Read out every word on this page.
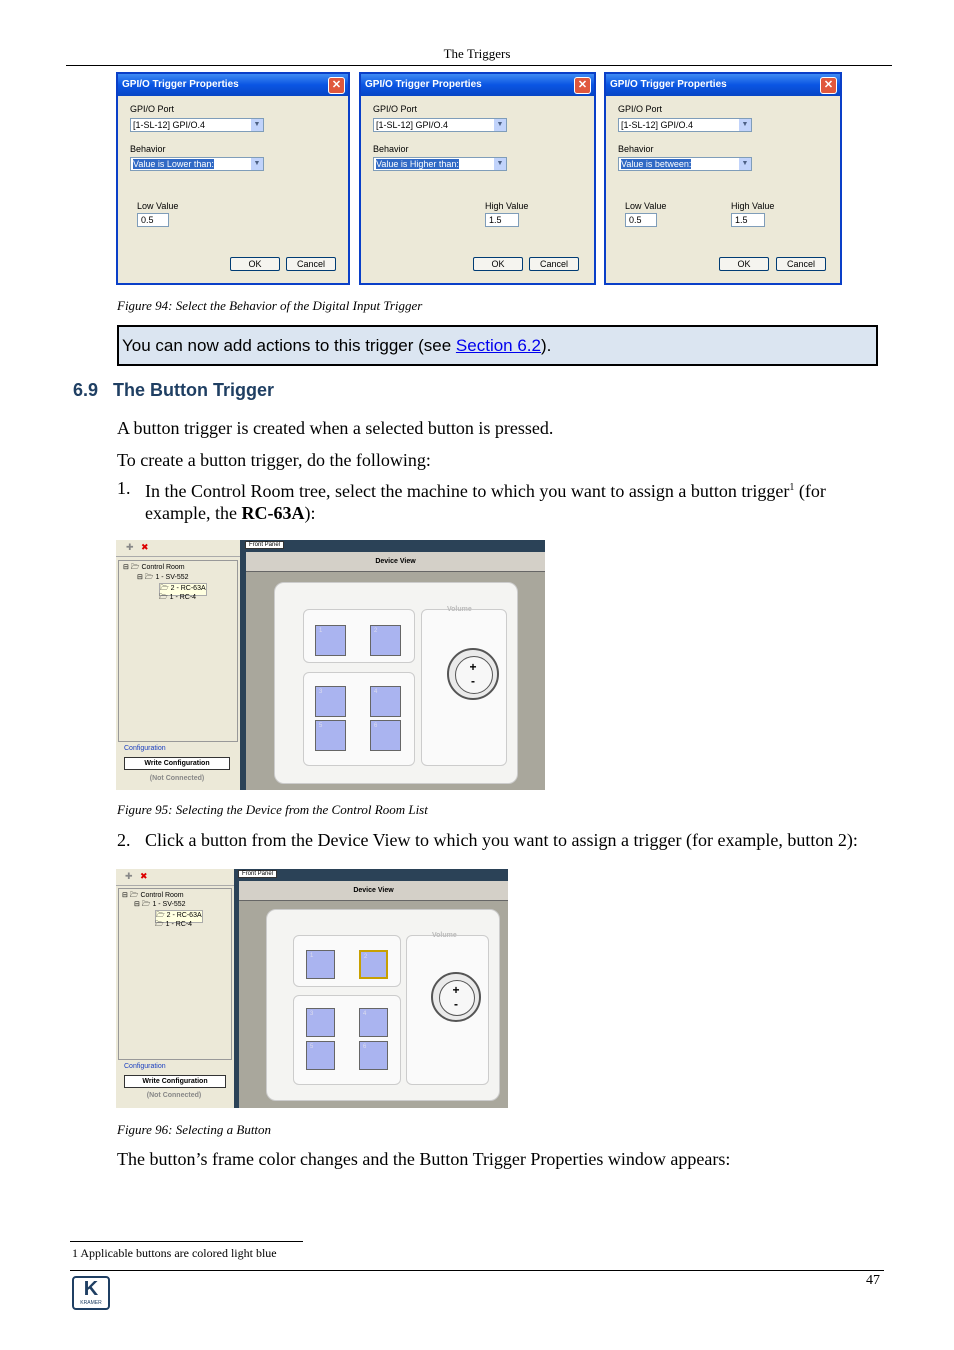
The Triggers
GPI/O Trigger Properties	✕
GPI/O Port
[1-SL-12] GPI/O.4	▼
Behavior
Value is Lower than:	▼
Low Value
0.5
OK	Cancel
GPI/O Trigger Properties	✕
GPI/O Port
[1-SL-12] GPI/O.4	▼
Behavior
Value is Higher than:	▼
High Value
1.5
OK	Cancel
GPI/O Trigger Properties	✕
GPI/O Port
[1-SL-12] GPI/O.4	▼
Behavior
Value is between:	▼
Low Value
0.5
High Value
1.5
OK	Cancel
Figure 94: Select the Behavior of the Digital Input Trigger
You can now add actions to this trigger (see Section 6.2).
6.9 The Button Trigger
A button trigger is created when a selected button is pressed.
To create a button trigger, do the following:
1. In the Control Room tree, select the machine to which you want to assign a button trigger$^1$ (for
example, the RC-63A):
✚ ✖
⊟ 🗁 Control Room
⊟ 🗁 1 - SV-552
🗁 2 - RC-63A
🗁 1 - RC-4
Configuration
Write Configuration
(Not Connected)
Front Panel
Device View
Volume
1	2
3	4
5	6
+
-
Figure 95: Selecting the Device from the Control Room List
2. Click a button from the Device View to which you want to assign a trigger (for example, button 2):
✚ ✖
⊟ 🗁 Control Room
⊟ 🗁 1 - SV-552
🗁 2 - RC-63A
🗁 1 - RC-4
Configuration
Write Configuration
(Not Connected)
Front Panel
Device View
Volume
1	2
3	4
5	6
+
-
Figure 96: Selecting a Button
The button’s frame color changes and the Button Trigger Properties window appears:
1 Applicable buttons are colored light blue
47
K
KRAMER
